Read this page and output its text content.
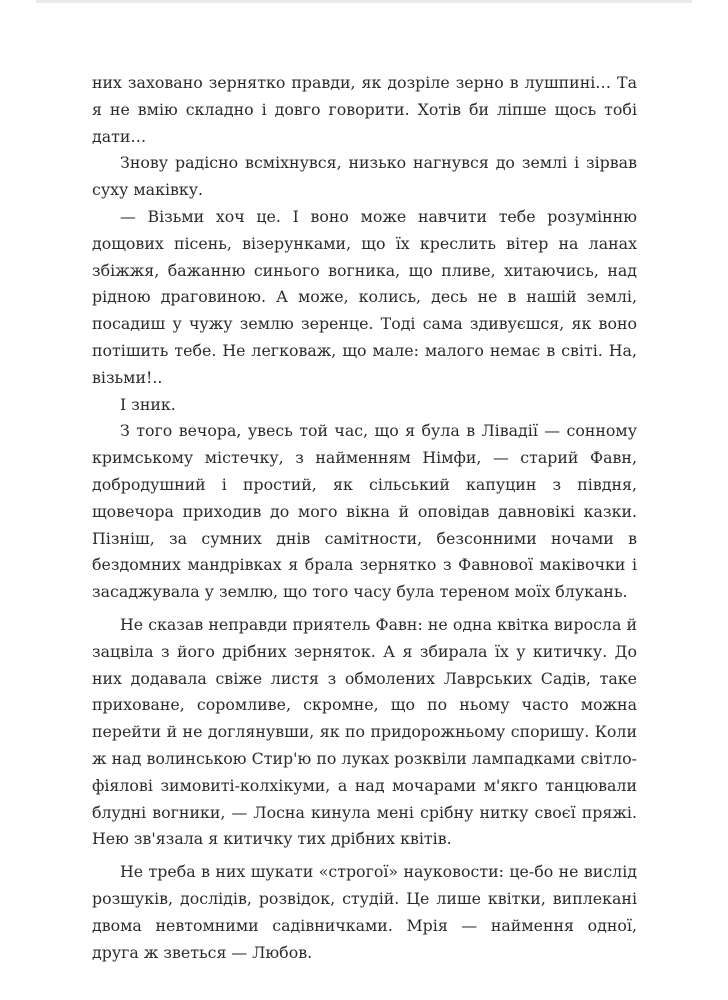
них заховано зернятко правди, як дозріле зерно в лушпині… Та я не вмію складно і довго говорити. Хотів би ліпше щось тобі дати…

Знову радісно всміхнувся, низько нагнувся до землі і зірвав суху маківку.

— Візьми хоч це. І воно може навчити тебе розумінню дощових пісень, візерунками, що їх креслить вітер на ланах збіжжя, бажанню синього вогника, що пливе, хитаючись, над рідною драговиною. А може, колись, десь не в нашій землі, посадиш у чужу землю зеренце. Тоді сама здивуєшся, як воно потішить тебе. Не легковаж, що мале: малого немає в світі. На, візьми!..

І зник.

З того вечора, увесь той час, що я була в Лівадії — сонному кримському містечку, з найменням Німфи, — старий Фавн, добродушний і простий, як сільський капуцин з півдня, щовечора приходив до мого вікна й оповідав давновікі казки. Пізніш, за сумних днів самітности, безсонними ночами в бездомних мандрівках я брала зернятко з Фавнової маківочки і засаджувала у землю, що того часу була тереном моїх блукань.

Не сказав неправди приятель Фавн: не одна квітка виросла й зацвіла з його дрібних зерняток. А я збирала їх у китичку. До них додавала свіже листя з обмолених Лаврських Садів, таке приховане, соромливе, скромне, що по ньому часто можна перейти й не доглянувши, як по придорожньому споришу. Коли ж над волинською Стир'ю по луках розквіли лампадками світло-фіялові зимовиті-колхікуми, а над мочарами м'якго танцювали блудні вогники, — Лосна кинула мені срібну нитку своєї пряжі. Нею зв'язала я китичку тих дрібних квітів.

Не треба в них шукати «строгої» науковости: це-бо не вислід розшуків, дослідів, розвідок, студій. Це лише квітки, виплекані двома невтомними садівничками. Мрія — наймення одної, друга ж зветься — Любов.
